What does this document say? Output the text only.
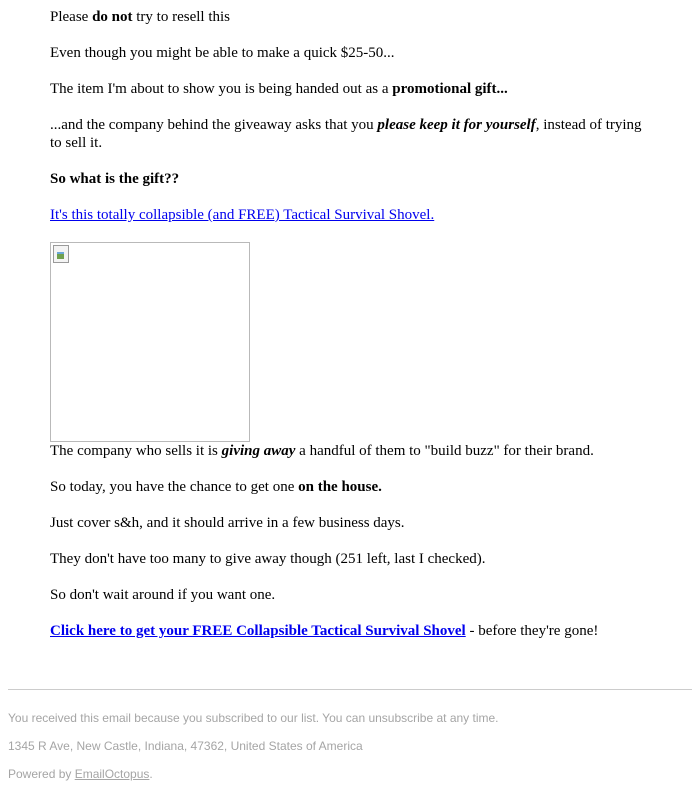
Please do not try to resell this
Even though you might be able to make a quick $25-50...
The item I'm about to show you is being handed out as a promotional gift...
...and the company behind the giveaway asks that you please keep it for yourself, instead of trying to sell it.
So what is the gift??
It's this totally collapsible (and FREE) Tactical Survival Shovel.
The company who sells it is giving away a handful of them to "build buzz" for their brand.
So today, you have the chance to get one on the house.
Just cover s&h, and it should arrive in a few business days.
They don't have too many to give away though (251 left, last I checked).
So don't wait around if you want one.
Click here to get your FREE Collapsible Tactical Survival Shovel - before they're gone!
You received this email because you subscribed to our list. You can unsubscribe at any time.
1345 R Ave, New Castle, Indiana, 47362, United States of America
Powered by EmailOctopus.
